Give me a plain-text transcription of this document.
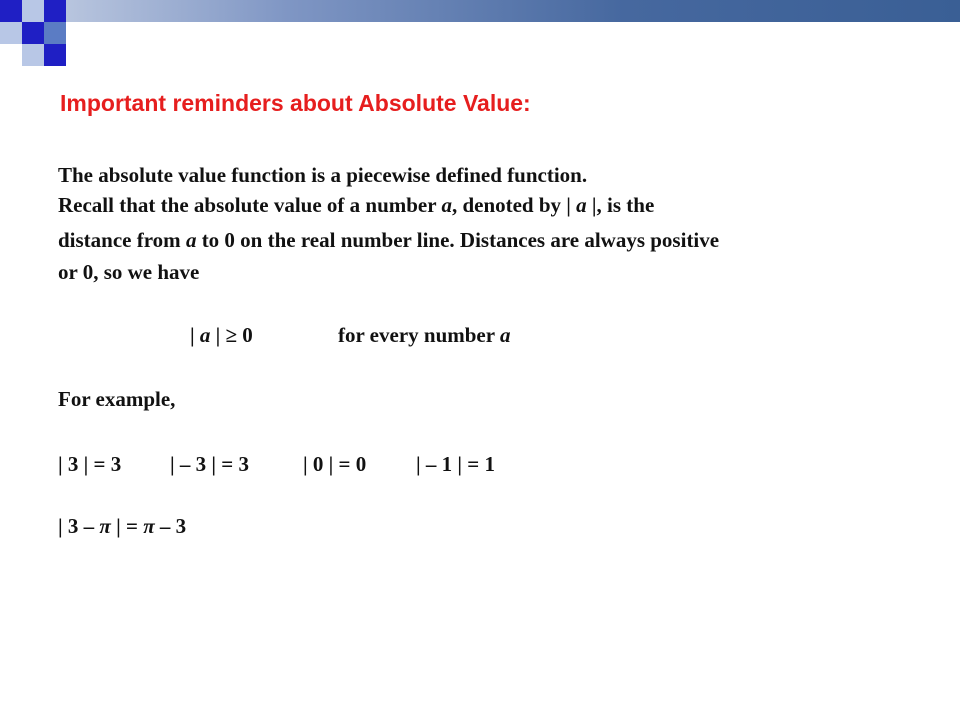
Important reminders about Absolute Value:
The absolute value function is a piecewise defined function.
Recall that the absolute value of a number a, denoted by | a |, is the
distance from a to 0 on the real number line. Distances are always positive
or 0, so we have
| a | ≥ 0	for every number a
For example,
| 3 | = 3 | – 3 | = 3	| 0 | = 0 | – 1 | = 1
| 3 – π | = π – 3
